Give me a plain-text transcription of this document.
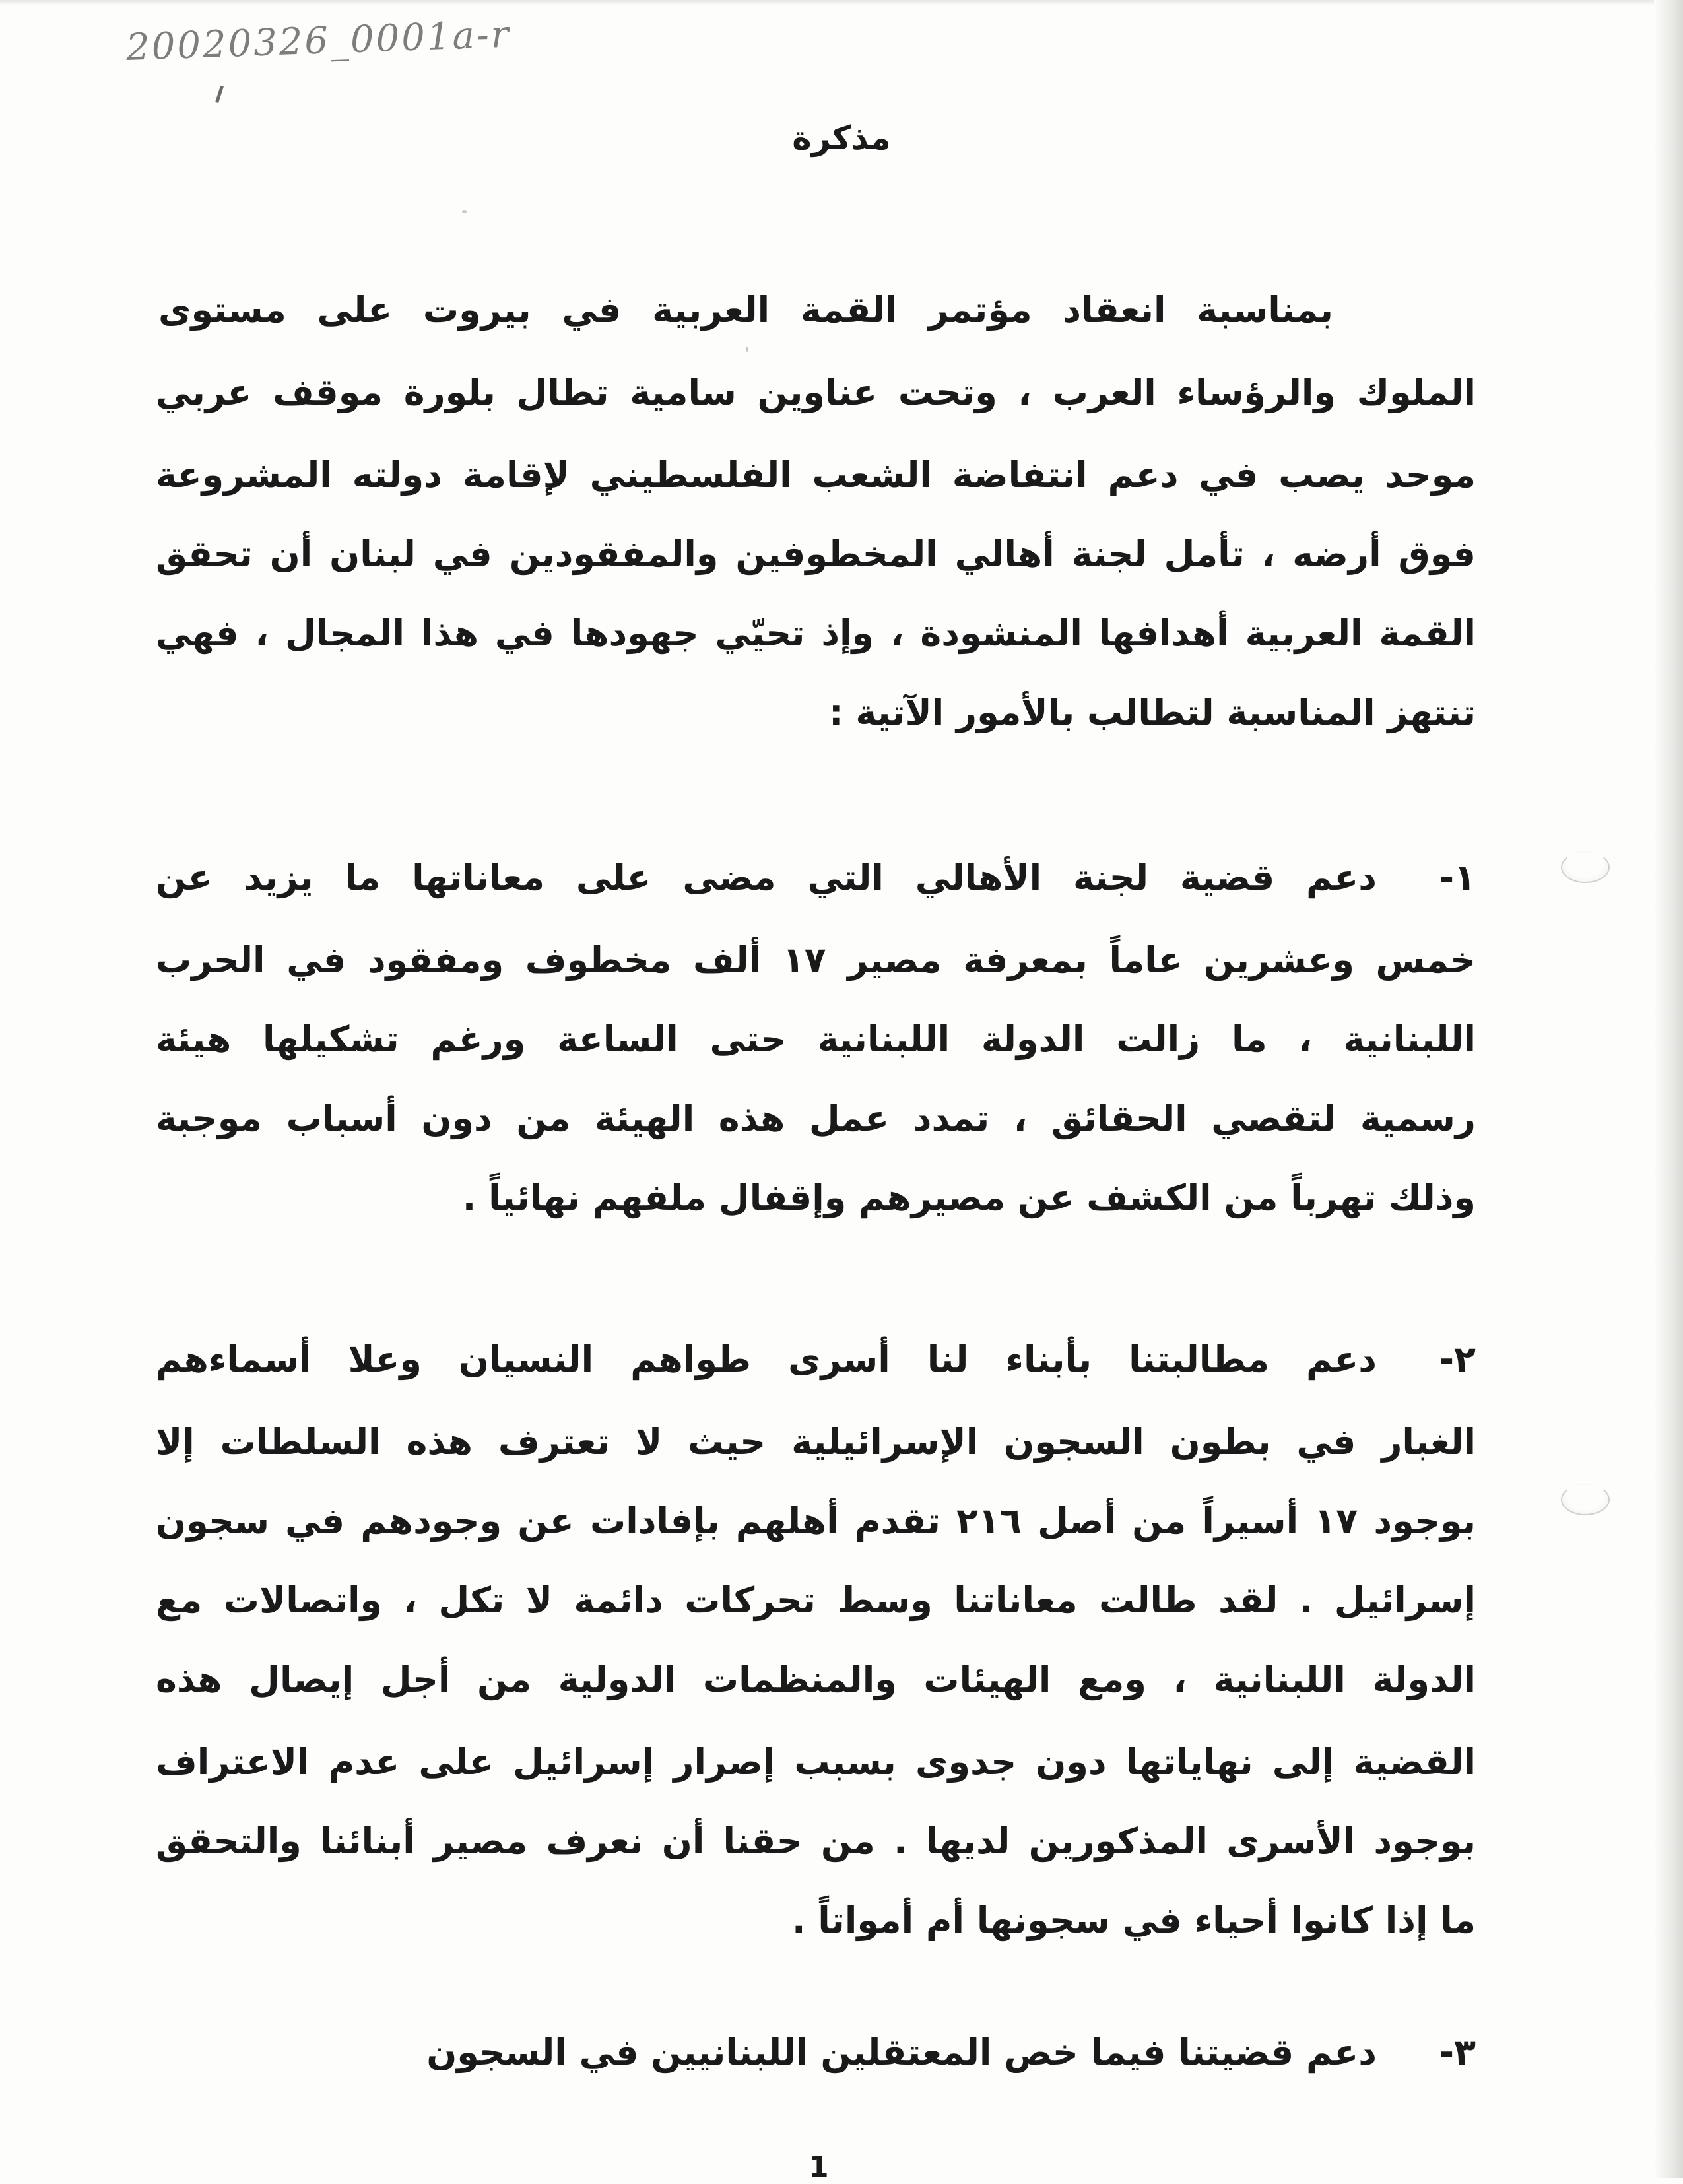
20020326_0001a-r
مذكرة
بمناسبة انعقاد مؤتمر القمة العربية في بيروت على مستوى
الملوك والرؤساء العرب ، وتحت عناوين سامية تطال بلورة موقف عربي
موحد يصب في دعم انتفاضة الشعب الفلسطيني لإقامة دولته المشروعة
فوق أرضه ، تأمل لجنة أهالي المخطوفين والمفقودين في لبنان أن تحقق
القمة العربية أهدافها المنشودة ، وإذ تحيّي جهودها في هذا المجال ، فهي
تنتهز المناسبة لتطالب بالأمور الآتية :
١-دعم قضية لجنة الأهالي التي مضى على معاناتها ما يزيد عن
خمس وعشرين عاماً بمعرفة مصير ١٧ ألف مخطوف ومفقود في الحرب
اللبنانية ، ما زالت الدولة اللبنانية حتى الساعة ورغم تشكيلها هيئة
رسمية لتقصي الحقائق ، تمدد عمل هذه الهيئة من دون أسباب موجبة
وذلك تهرباً من الكشف عن مصيرهم وإقفال ملفهم نهائياً .
٢-دعم مطالبتنا بأبناء لنا أسرى طواهم النسيان وعلا أسماءهم
الغبار في بطون السجون الإسرائيلية حيث لا تعترف هذه السلطات إلا
بوجود ١٧ أسيراً من أصل ٢١٦ تقدم أهلهم بإفادات عن وجودهم في سجون
إسرائيل . لقد طالت معاناتنا وسط تحركات دائمة لا تكل ، واتصالات مع
الدولة اللبنانية ، ومع الهيئات والمنظمات الدولية من أجل إيصال هذه
القضية إلى نهاياتها دون جدوى بسبب إصرار إسرائيل على عدم الاعتراف
بوجود الأسرى المذكورين لديها . من حقنا أن نعرف مصير أبنائنا والتحقق
ما إذا كانوا أحياء في سجونها أم أمواتاً .
٣-دعم قضيتنا فيما خص المعتقلين اللبنانيين في السجون
1
